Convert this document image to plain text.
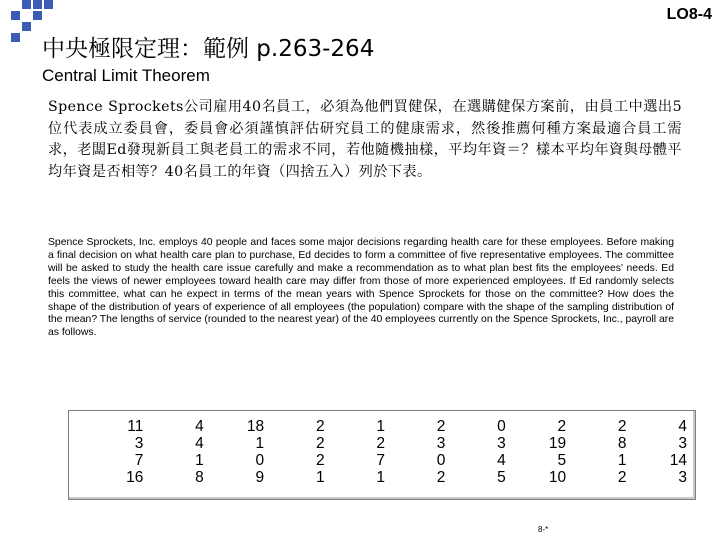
LO8-4
中央極限定理：範例 p.263-264
Central Limit Theorem
Spence Sprockets公司雇用40名員工，必須為他們買健保，在選購健保方案前，由員工中選出5位代表成立委員會，委員會必須謹慎評估研究員工的健康需求，然後推薦何種方案最適合員工需求，老闆Ed發現新員工與老員工的需求不同，若他隨機抽樣，平均年資＝？樣本平均年資與母體平均年資是否相等？40名員工的年資（四捨五入）列於下表。
Spence Sprockets, Inc. employs 40 people and faces some major decisions regarding health care for these employees. Before making a final decision on what health care plan to purchase, Ed decides to form a committee of five representative employees. The committee will be asked to study the health care issue carefully and make a recommendation as to what plan best fits the employees' needs. Ed feels the views of newer employees toward health care may differ from those of more experienced employees. If Ed randomly selects this committee, what can he expect in terms of the mean years with Spence Sprockets for those on the committee? How does the shape of the distribution of years of experience of all employees (the population) compare with the shape of the sampling distribution of the mean? The lengths of service (rounded to the nearest year) of the 40 employees currently on the Spence Sprockets, Inc., payroll are as follows.
11	4	18	2	1	2	0	2	2	4
3	4	1	2	2	3	3	19	8	3
7	1	0	2	7	0	4	5	1	14
16	8	9	1	1	2	5	10	2	3
8-*
